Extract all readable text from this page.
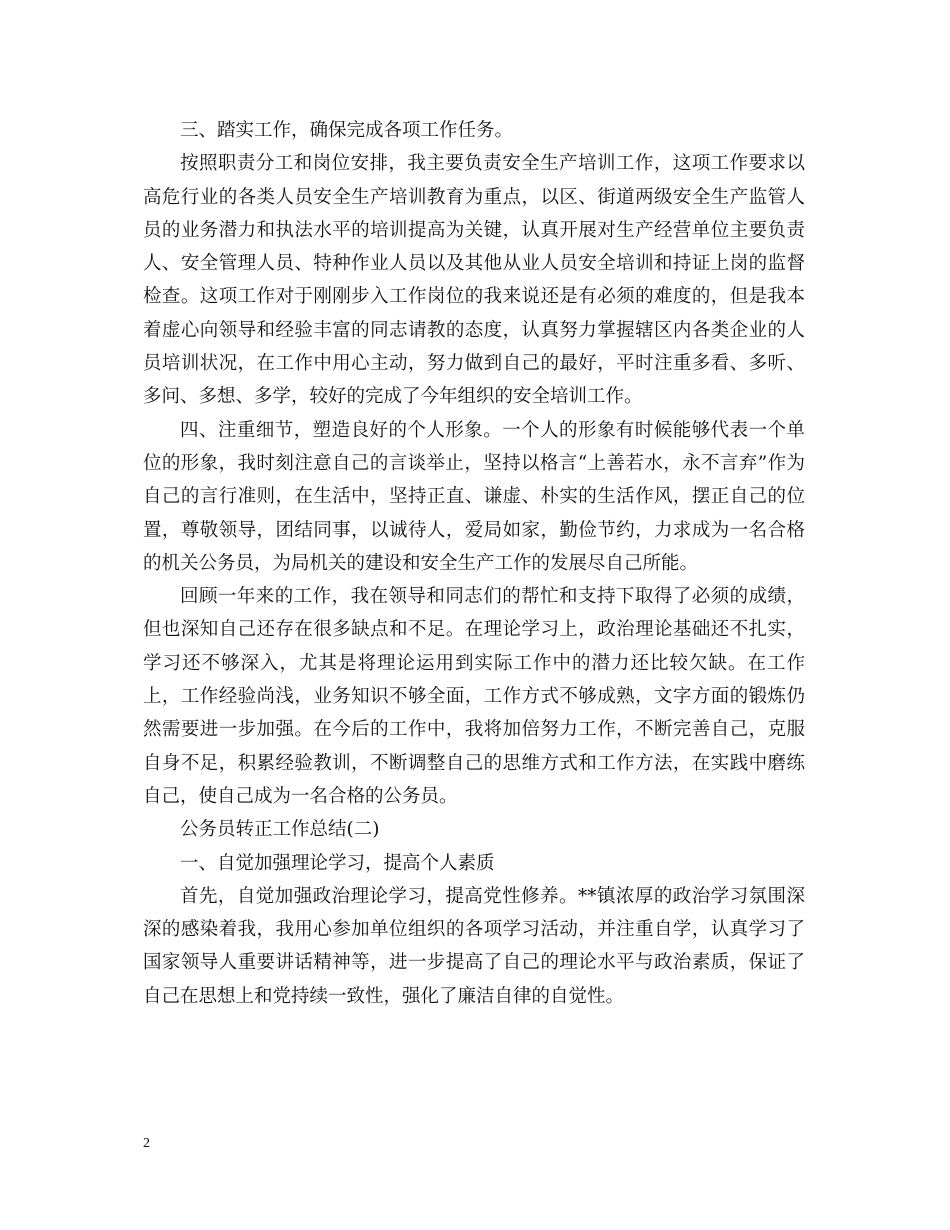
三、踏实工作，确保完成各项工作任务。

按照职责分工和岗位安排，我主要负责安全生产培训工作，这项工作要求以高危行业的各类人员安全生产培训教育为重点，以区、街道两级安全生产监管人员的业务潜力和执法水平的培训提高为关键，认真开展对生产经营单位主要负责人、安全管理人员、特种作业人员以及其他从业人员安全培训和持证上岗的监督检查。这项工作对于刚刚步入工作岗位的我来说还是有必须的难度的，但是我本着虚心向领导和经验丰富的同志请教的态度，认真努力掌握辖区内各类企业的人员培训状况，在工作中用心主动，努力做到自己的最好，平时注重多看、多听、多问、多想、多学，较好的完成了今年组织的安全培训工作。

四、注重细节，塑造良好的个人形象。一个人的形象有时候能够代表一个单位的形象，我时刻注意自己的言谈举止，坚持以格言“上善若水，永不言弃”作为自己的言行准则，在生活中，坚持正直、谦虚、朴实的生活作风，摆正自己的位置，尊敬领导，团结同事，以诚待人，爱局如家，勤俭节约，力求成为一名合格的机关公务员，为局机关的建设和安全生产工作的发展尽自己所能。

回顾一年来的工作，我在领导和同志们的帮忙和支持下取得了必须的成绩，但也深知自己还存在很多缺点和不足。在理论学习上，政治理论基础还不扎实，学习还不够深入，尤其是将理论运用到实际工作中的潜力还比较欠缺。在工作上，工作经验尚浅，业务知识不够全面，工作方式不够成熟，文字方面的锻炼仍然需要进一步加强。在今后的工作中，我将加倍努力工作，不断完善自己，克服自身不足，积累经验教训，不断调整自己的思维方式和工作方法，在实践中磨练自己，使自己成为一名合格的公务员。

公务员转正工作总结(二)

一、自觉加强理论学习，提高个人素质

首先，自觉加强政治理论学习，提高党性修养。**镇浓厚的政治学习氛围深深的感染着我，我用心参加单位组织的各项学习活动，并注重自学，认真学习了国家领导人重要讲话精神等，进一步提高了自己的理论水平与政治素质，保证了自己在思想上和党持续一致性，强化了廉洁自律的自觉性。

2
